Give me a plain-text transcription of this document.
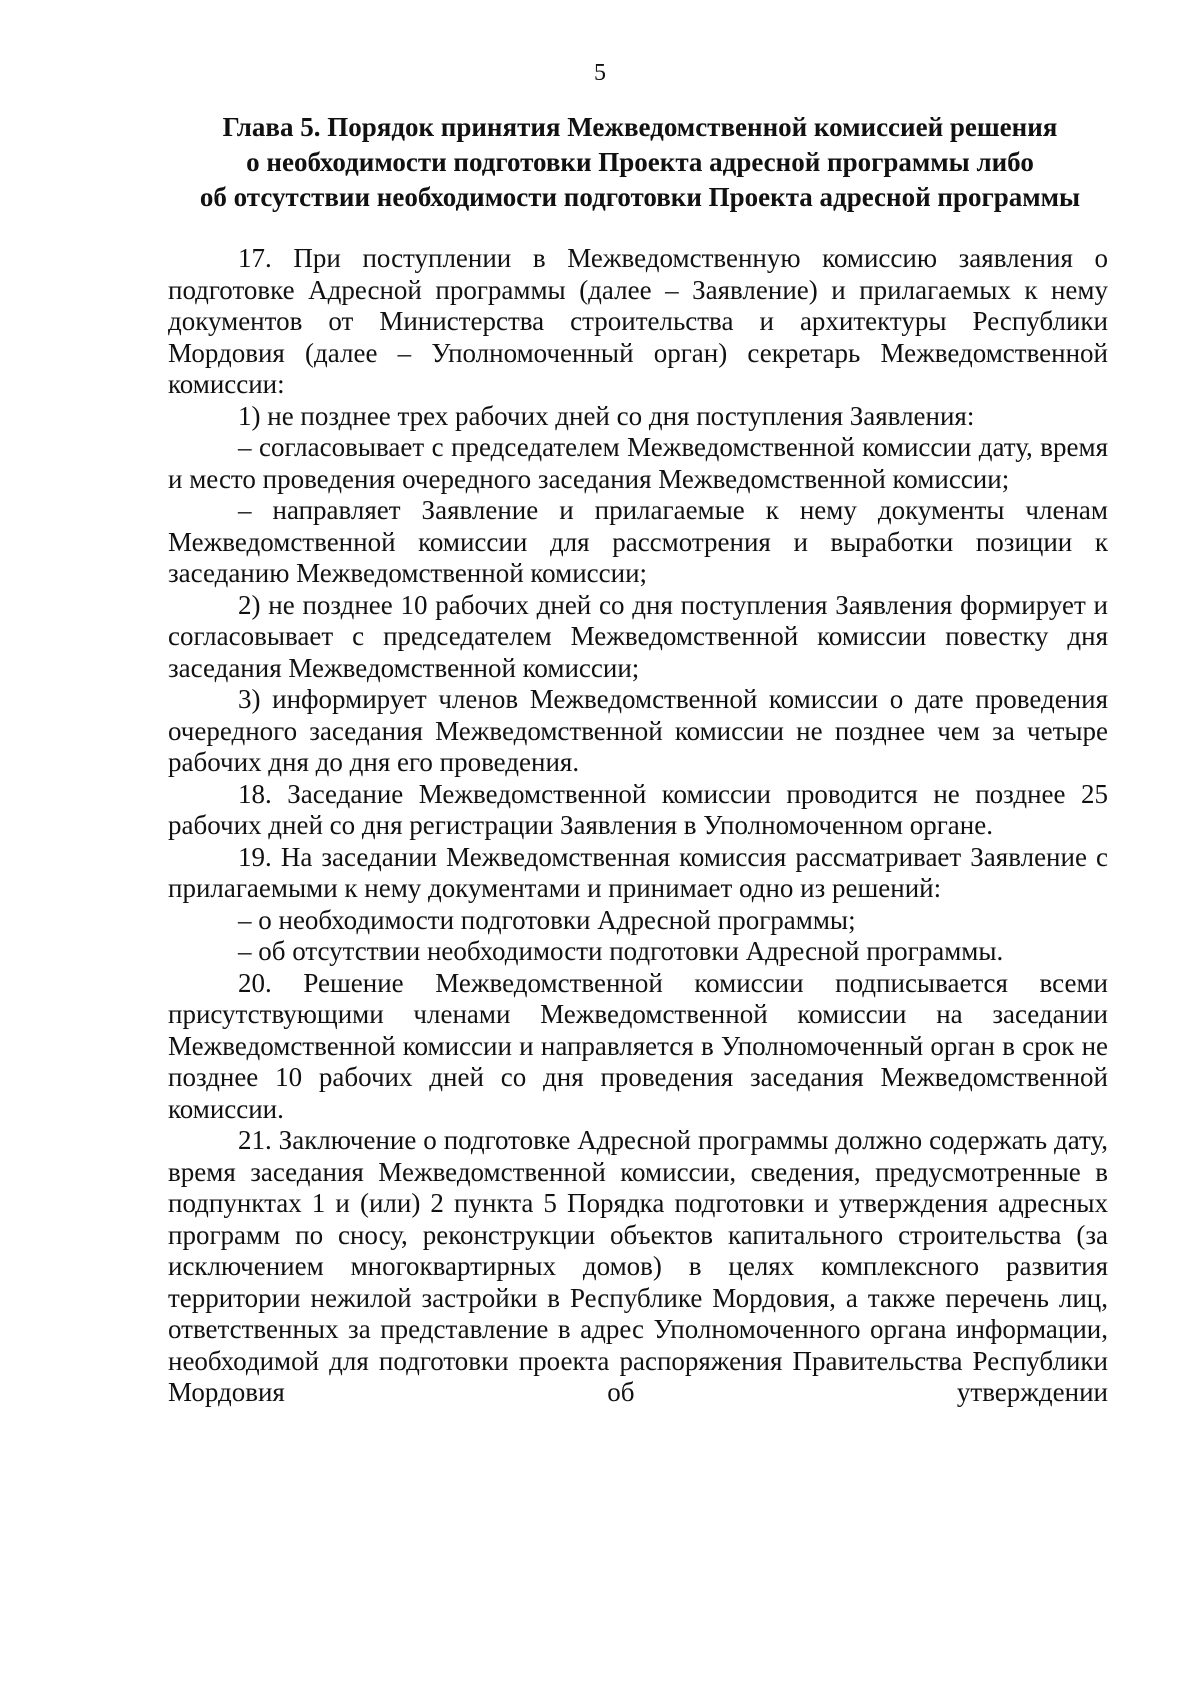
5
Глава 5. Порядок принятия Межведомственной комиссией решения
о необходимости подготовки Проекта адресной программы либо
об отсутствии необходимости подготовки Проекта адресной программы

17. При поступлении в Межведомственную комиссию заявления о подготовке Адресной программы (далее – Заявление) и прилагаемых к нему документов от Министерства строительства и архитектуры Республики Мордовия (далее – Уполномоченный орган) секретарь Межведомственной комиссии:

1) не позднее трех рабочих дней со дня поступления Заявления:

– согласовывает с председателем Межведомственной комиссии дату, время и место проведения очередного заседания Межведомственной комиссии;

– направляет Заявление и прилагаемые к нему документы членам Межведомственной комиссии для рассмотрения и выработки позиции к заседанию Межведомственной комиссии;

2) не позднее 10 рабочих дней со дня поступления Заявления формирует и согласовывает с председателем Межведомственной комиссии повестку дня заседания Межведомственной комиссии;

3) информирует членов Межведомственной комиссии о дате проведения очередного заседания Межведомственной комиссии не позднее чем за четыре рабочих дня до дня его проведения.

18. Заседание Межведомственной комиссии проводится не позднее 25 рабочих дней со дня регистрации Заявления в Уполномоченном органе.

19. На заседании Межведомственная комиссия рассматривает Заявление с прилагаемыми к нему документами и принимает одно из решений:

– о необходимости подготовки Адресной программы;

– об отсутствии необходимости подготовки Адресной программы.

20. Решение Межведомственной комиссии подписывается всеми присутствующими членами Межведомственной комиссии на заседании Межведомственной комиссии и направляется в Уполномоченный орган в срок не позднее 10 рабочих дней со дня проведения заседания Межведомственной комиссии.

21. Заключение о подготовке Адресной программы должно содержать дату, время заседания Межведомственной комиссии, сведения, предусмотренные в подпунктах 1 и (или) 2 пункта 5 Порядка подготовки и утверждения адресных программ по сносу, реконструкции объектов капитального строительства (за исключением многоквартирных домов) в целях комплексного развития территории нежилой застройки в Республике Мордовия, а также перечень лиц, ответственных за представление в адрес Уполномоченного органа информации, необходимой для подготовки проекта распоряжения Правительства Республики Мордовия об утверждении
